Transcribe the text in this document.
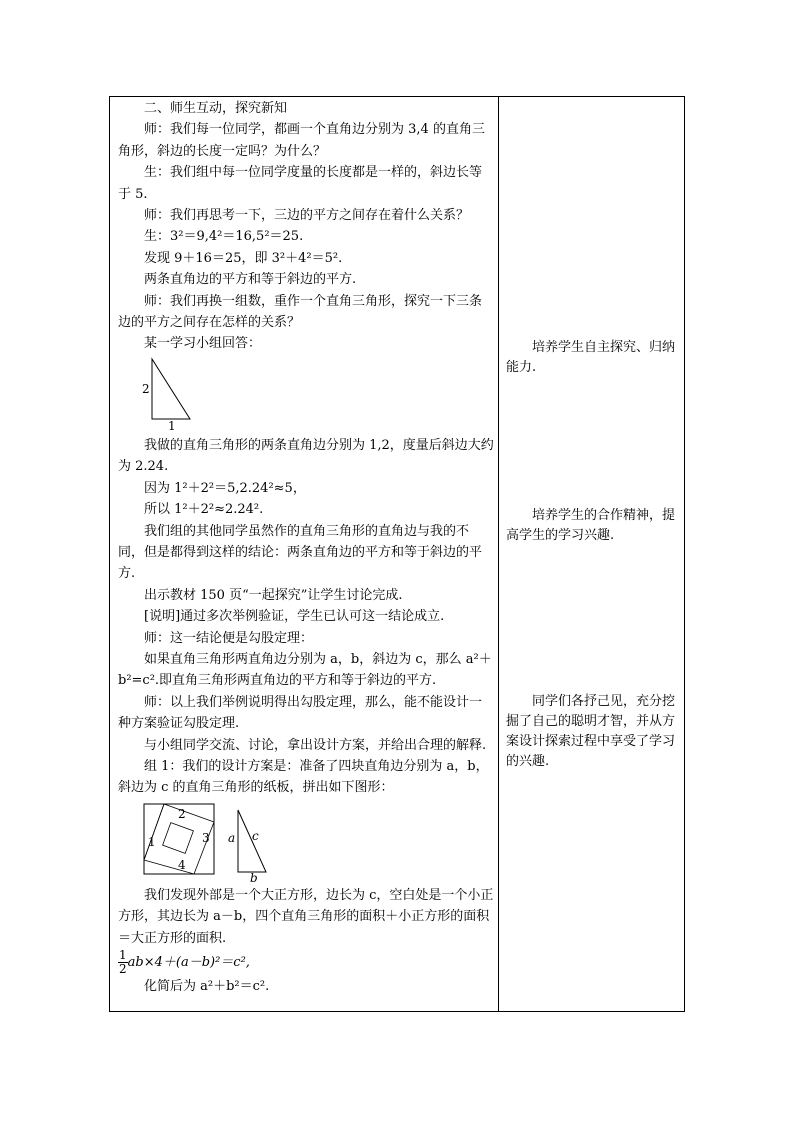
二、师生互动，探究新知

师：我们每一位同学，都画一个直角边分别为 3,4 的直角三角形，斜边的长度一定吗？为什么？

生：我们组中每一位同学度量的长度都是一样的，斜边长等于 5.

师：我们再思考一下，三边的平方之间存在着什么关系？

生：3²＝9,4²＝16,5²＝25.

发现 9＋16＝25，即 3²＋4²＝5².

两条直角边的平方和等于斜边的平方.

师：我们再换一组数，重作一个直角三角形，探究一下三条边的平方之间存在怎样的关系？

某一学习小组回答：

2
1

我做的直角三角形的两条直角边分别为 1,2，度量后斜边大约为 2.24.

因为 1²＋2²＝5,2.24²≈5，

所以 1²＋2²≈2.24².

我们组的其他同学虽然作的直角三角形的直角边与我的不同，但是都得到这样的结论：两条直角边的平方和等于斜边的平方.

出示教材 150 页“一起探究”让学生讨论完成.

[说明]通过多次举例验证，学生已认可这一结论成立.

师：这一结论便是勾股定理：

如果直角三角形两直角边分别为 a，b，斜边为 c，那么 a²＋b²=c².即直角三角形两直角边的平方和等于斜边的平方.

师：以上我们举例说明得出勾股定理，那么，能不能设计一种方案验证勾股定理.

与小组同学交流、讨论，拿出设计方案，并给出合理的解释.

组 1：我们的设计方案是：准备了四块直角边分别为 a，b，斜边为 c 的直角三角形的纸板，拼出如下图形：

1
2
3
4
a c
b

我们发现外部是一个大正方形，边长为 c，空白处是一个小正方形，其边长为 a－b，四个直角三角形的面积＋小正方形的面积＝大正方形的面积.

$\frac{1}{2} ab\times 4+(a-b)^2=c^2$,

化简后为 a²＋b²＝c².

培养学生自主探究、归纳能力.

培养学生的合作精神，提高学生的学习兴趣.

同学们各抒己见，充分挖掘了自己的聪明才智，并从方案设计探索过程中享受了学习的兴趣.
